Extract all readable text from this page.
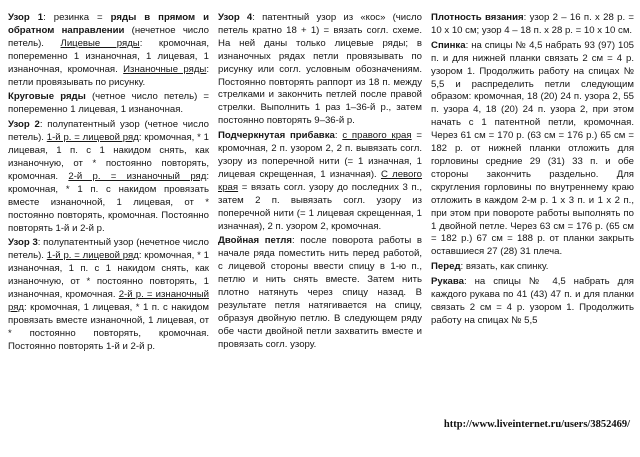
Узор 1: резинка = ряды в прямом и обратном направлении (нечетное число петель). Лицевые ряды: кромочная, попеременно 1 изнаночная, 1 лицевая, 1 изнаночная, кромочная. Изнаночные ряды: петли провязывать по рисунку.

Круговые ряды (четное число петель) = попеременно 1 лицевая, 1 изнаночная.

Узор 2: полупатентный узор (четное число петель). 1-й р. = лицевой ряд: кромочная, * 1 лицевая, 1 п. с 1 накидом снять, как изнаночную, от * постоянно повторять, кромочная. 2-й р. = изнаночный ряд: кромочная, * 1 п. с накидом провязать вместе изнаночной, 1 лицевая, от * постоянно повторять, кромочная. Постоянно повторять 1-й и 2-й р.

Узор 3: полупатентный узор (нечетное число петель). 1-й р. = лицевой ряд: кромочная, * 1 изнаночная, 1 п. с 1 накидом снять, как изнаночную, от * постоянно повторять, 1 изнаночная, кромочная. 2-й р. = изнаночный ряд: кромочная, 1 лицевая, * 1 п. с накидом провязать вместе изнаночной, 1 лицевая, от * постоянно повторять, кромочная. Постоянно повторять 1-й и 2-й р.

Узор 4: патентный узор из «кос» (число петель кратно 18 + 1) = вязать согл. схеме. На ней даны только лицевые ряды; в изнаночных рядах петли провязывать по рисунку или согл. условным обозначениям. Постоянно повторять раппорт из 18 п. между стрелками и закончить петлей после правой стрелки. Выполнить 1 раз 1–36-й р., затем постоянно повторять 9–36-й р.

Подчеркнутая прибавка: с правого края = кромочная, 2 п. узором 2, 2 п. вывязать согл. узору из поперечной нити (= 1 изначная, 1 лицевая скрещенная, 1 изначная). С левого края = вязать согл. узору до последних 3 п., затем 2 п. вывязать согл. узору из поперечной нити (= 1 лицевая скрещенная, 1 изначная), 2 п. узором 2, кромочная.

Двойная петля: после поворота работы в начале ряда поместить нить перед работой, с лицевой стороны ввести спицу в 1-ю п., петлю и нить снять вместе. Затем нить плотно натянуть через спицу назад. В результате петля натягивается на спицу, образуя двойную петлю. В следующем ряду обе части двойной петли захватить вместе и провязать согл. узору.

Плотность вязания: узор 2 – 16 п. х 28 р. = 10 х 10 см; узор 4 – 18 п. х 28 р. = 10 х 10 см.

Спинка: на спицы № 4,5 набрать 93 (97) 105 п. и для нижней планки связать 2 см = 4 р. узором 1. Продолжить работу на спицах № 5,5 и распределить петли следующим образом: кромочная, 18 (20) 24 п. узора 2, 55 п. узора 4, 18 (20) 24 п. узора 2, при этом начать с 1 патентной петли, кромочная. Через 61 см = 170 р. (63 см = 176 р.) 65 см = 182 р. от нижней планки отложить для горловины средние 29 (31) 33 п. и обе стороны закончить раздельно. Для скругления горловины по внутреннему краю отложить в каждом 2-м р. 1 х 3 п. и 1 х 2 п., при этом при повороте работы выполнять по 1 двойной петле. Через 63 см = 176 р. (65 см = 182 р.) 67 см = 188 р. от планки закрыть оставшиеся 27 (28) 31 плеча.

Перед: вязать, как спинку.

Рукава: на спицы № 4,5 набрать для каждого рукава по 41 (43) 47 п. и для планки связать 2 см = 4 р. узором 1. Продолжить работу на спицах № 5,5

http://www.liveinternet.ru/users/3852469/
